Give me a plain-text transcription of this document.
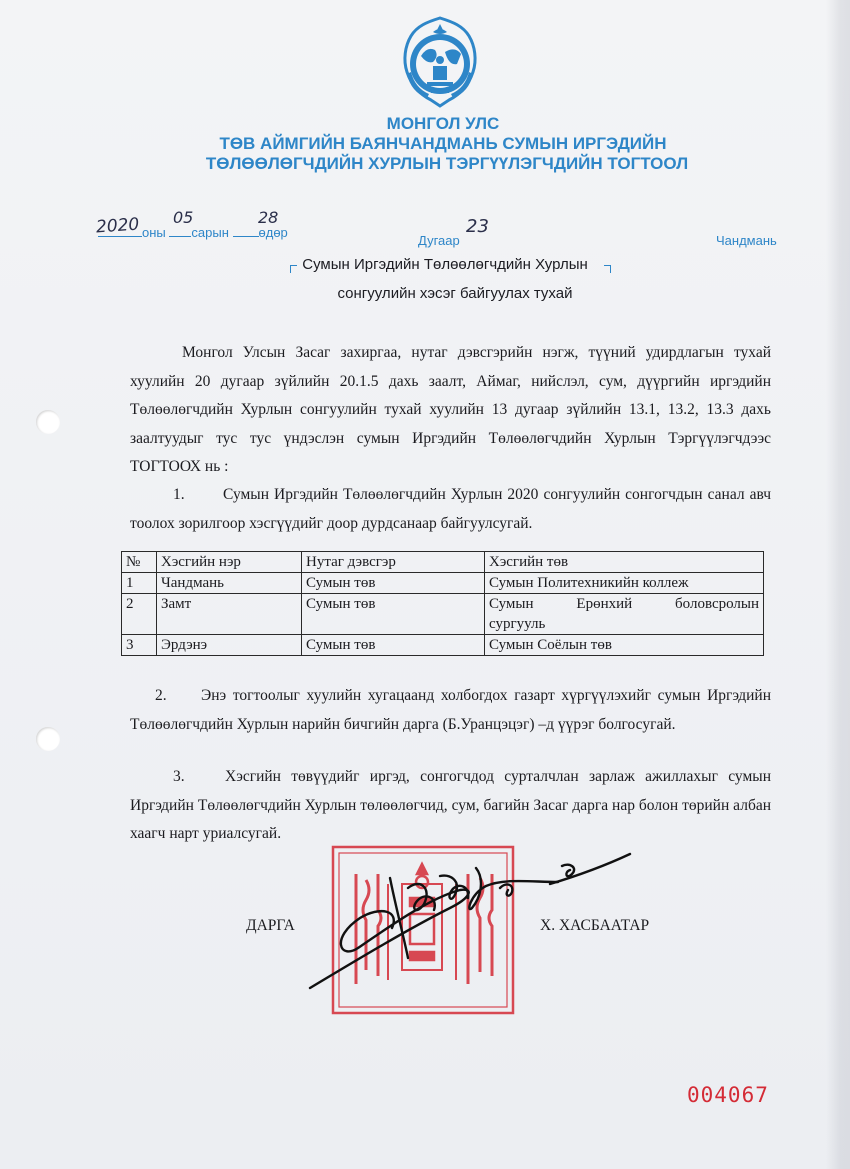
МОНГОЛ УЛС
ТӨВ АЙМГИЙН БАЯНЧАНДМАНЬ СУМЫН ИРГЭДИЙН
ТӨЛӨӨЛӨГЧДИЙН ХУРЛЫН ТЭРГҮҮЛЭГЧДИЙН ТОГТООЛ
2020 05	28	23
оны сарын өдөр
Дугаар	Чандмань
Сумын Иргэдийн Төлөөлөгчдийн Хурлын
сонгуулийн хэсэг байгуулах тухай
Монгол Улсын Засаг захиргаа, нутаг дэвсгэрийн нэгж, түүний удирдлагын тухай хуулийн 20 дугаар зүйлийн 20.1.5 дахь заалт, Аймаг, нийслэл, сум, дүүргийн иргэдийн Төлөөлөгчдийн Хурлын сонгуулийн тухай хуулийн 13 дугаар зүйлийн 13.1, 13.2, 13.3 дахь заалтуудыг тус тус үндэслэн сумын Иргэдийн Төлөөлөгчдийн Хурлын Тэргүүлэгчдээс ТОГТООХ нь :
1. Сумын Иргэдийн Төлөөлөгчдийн Хурлын 2020 сонгуулийн сонгогчдын санал авч тоолох зорилгоор хэсгүүдийг доор дурдсанаар байгуулсугай.
№	Хэсгийн нэр	Нутаг дэвсгэр	Хэсгийн төв
1	Чандмань	Сумын төв	Сумын Политехникийн коллеж
2	Замт	Сумын төв	Сумын Ерөнхий боловсролын
сургууль

3	Эрдэнэ	Сумын төв	Сумын Соёлын төв
2. Энэ тогтоолыг хуулийн хугацаанд холбогдох газарт хүргүүлэхийг сумын Иргэдийн Төлөөлөгчдийн Хурлын нарийн бичгийн дарга (Б.Уранцэцэг) –д үүрэг болгосугай.
3.	Хэсгийн төвүүдийг иргэд, сонгогчдод сурталчлан зарлаж ажиллахыг сумын Иргэдийн Төлөөлөгчдийн Хурлын төлөөлөгчид, сум, багийн Засаг дарга нар болон төрийн албан хаагч нарт уриалсугай.
ДАРГА	Х. ХАСБААТАР
004067
